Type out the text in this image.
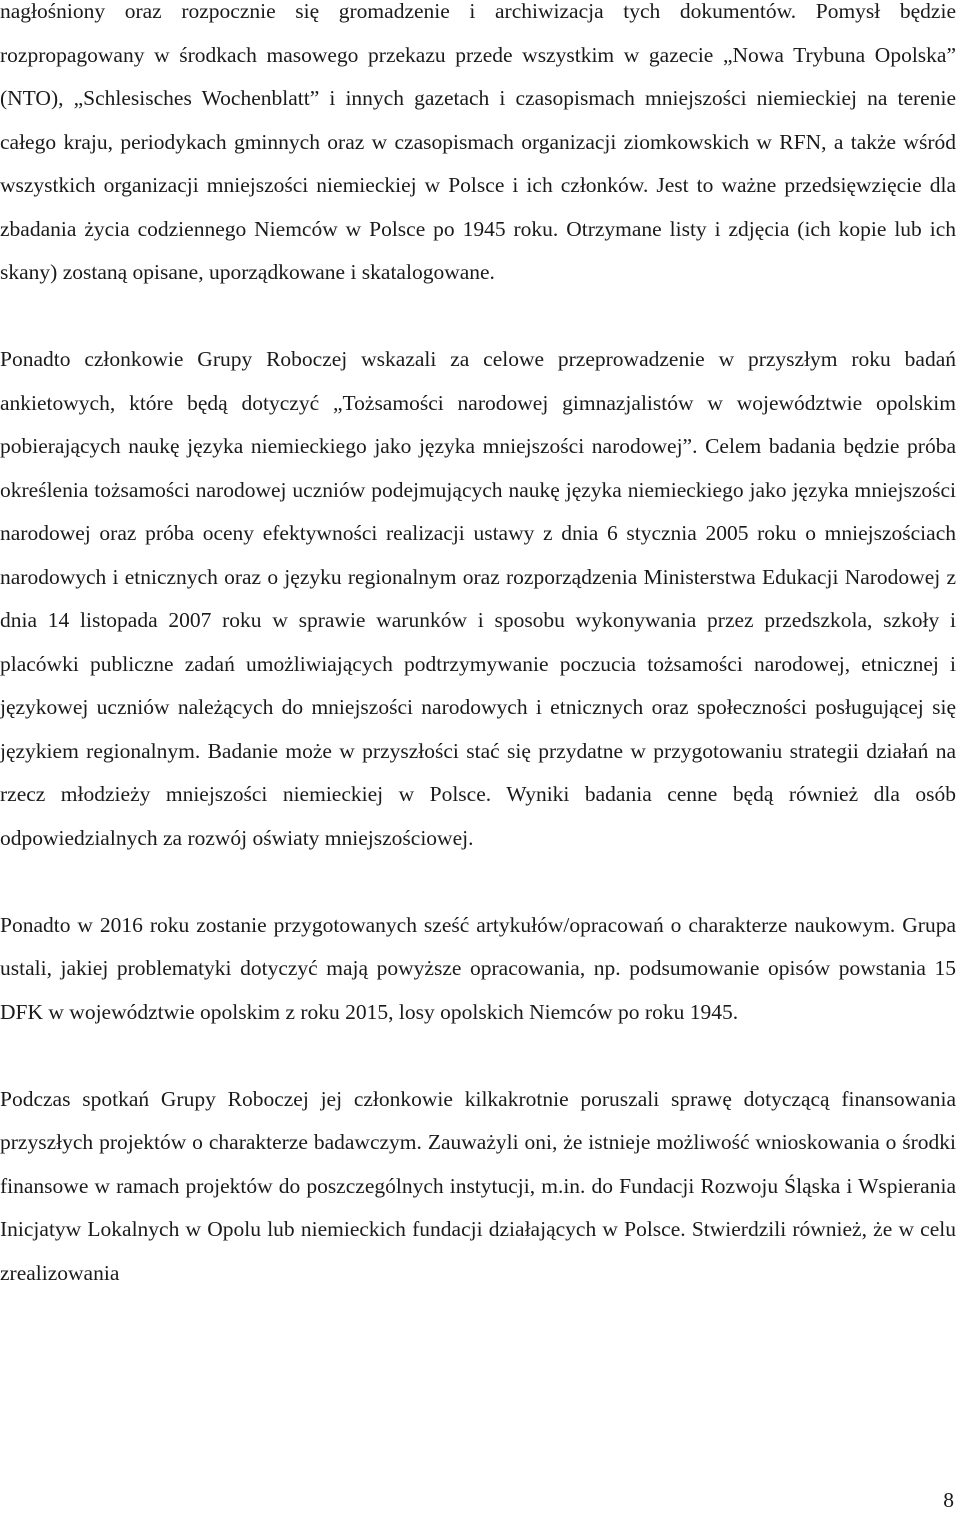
nagłośniony oraz rozpocznie się gromadzenie i archiwizacja tych dokumentów. Pomysł będzie rozpropagowany w środkach masowego przekazu przede wszystkim w gazecie „Nowa Trybuna Opolska” (NTO), „Schlesisches Wochenblatt” i innych gazetach i czasopismach mniejszości niemieckiej na terenie całego kraju, periodykach gminnych oraz w czasopismach organizacji ziomkowskich w RFN, a także wśród wszystkich organizacji mniejszości niemieckiej w Polsce i ich członków. Jest to ważne przedsięwzięcie dla zbadania życia codziennego Niemców w Polsce po 1945 roku. Otrzymane listy i zdjęcia (ich kopie lub ich skany) zostaną opisane, uporządkowane i skatalogowane.

Ponadto członkowie Grupy Roboczej wskazali za celowe przeprowadzenie w przyszłym roku badań ankietowych, które będą dotyczyć „Tożsamości narodowej gimnazjalistów w województwie opolskim pobierających naukę języka niemieckiego jako języka mniejszości narodowej”. Celem badania będzie próba określenia tożsamości narodowej uczniów podejmujących naukę języka niemieckiego jako języka mniejszości narodowej oraz próba oceny efektywności realizacji ustawy z dnia 6 stycznia 2005 roku o mniejszościach narodowych i etnicznych oraz o języku regionalnym oraz rozporządzenia Ministerstwa Edukacji Narodowej z dnia 14 listopada 2007 roku w sprawie warunków i sposobu wykonywania przez przedszkola, szkoły i placówki publiczne zadań umożliwiających podtrzymywanie poczucia tożsamości narodowej, etnicznej i językowej uczniów należących do mniejszości narodowych i etnicznych oraz społeczności posługującej się językiem regionalnym. Badanie może w przyszłości stać się przydatne w przygotowaniu strategii działań na rzecz młodzieży mniejszości niemieckiej w Polsce. Wyniki badania cenne będą również dla osób odpowiedzialnych za rozwój oświaty mniejszościowej.

Ponadto w 2016 roku zostanie przygotowanych sześć artykułów/opracowań o charakterze naukowym. Grupa ustali, jakiej problematyki dotyczyć mają powyższe opracowania, np. podsumowanie opisów powstania 15 DFK w województwie opolskim z roku 2015, losy opolskich Niemców po roku 1945.

Podczas spotkań Grupy Roboczej jej członkowie kilkakrotnie poruszali sprawę dotyczącą finansowania przyszłych projektów o charakterze badawczym. Zauważyli oni, że istnieje możliwość wnioskowania o środki finansowe w ramach projektów do poszczególnych instytucji, m.in. do Fundacji Rozwoju Śląska i Wspierania Inicjatyw Lokalnych w Opolu lub niemieckich fundacji działających w Polsce. Stwierdzili również, że w celu zrealizowania

8
